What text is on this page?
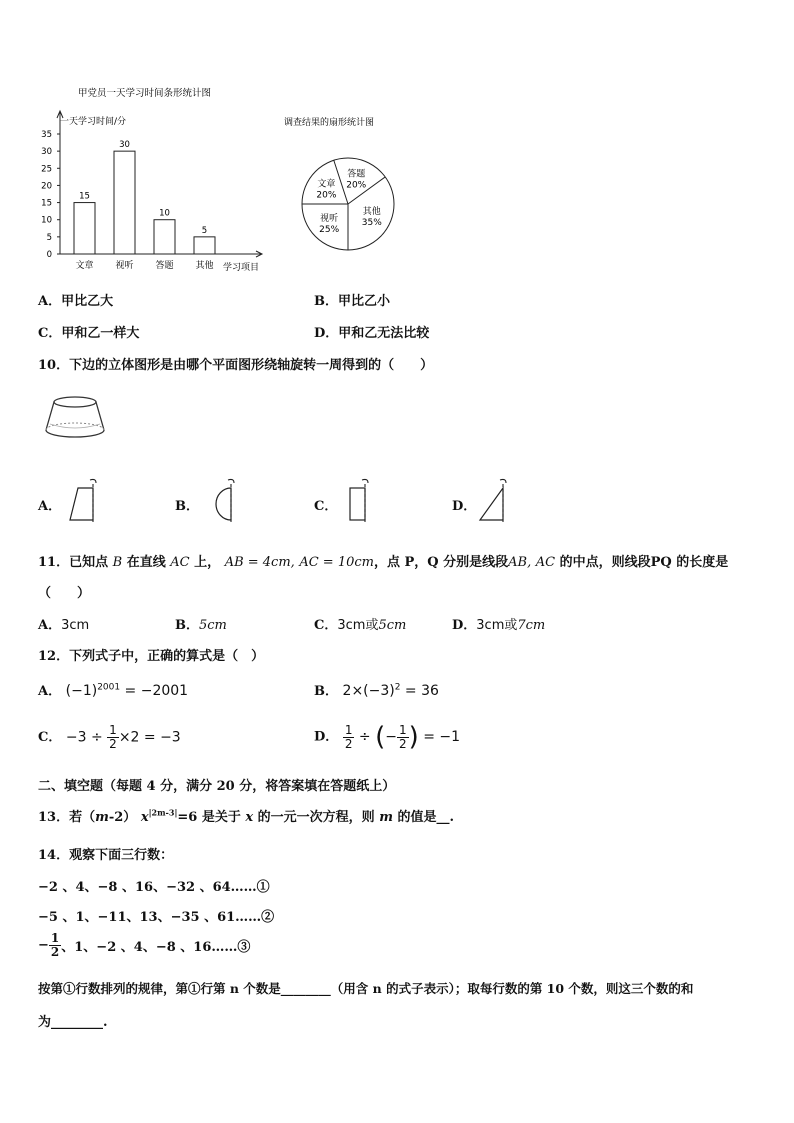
甲党员一天学习时间条形统计图
一天学习时间/分
学习项目
0
5
10
15
20
25
30
35
15
文章
30
视听
10
答题
5
其他
调查结果的扇形统计图
答题
20%
其他
35%
视听
25%
文章
20%
A．甲比乙大	B．甲比乙小
C．甲和乙一样大	D．甲和乙无法比较
10．下边的立体图形是由哪个平面图形绕轴旋转一周得到的（　　）
A．	B．	C．	D．
11．已知点 B 在直线 AC 上， AB = 4cm, AC = 10cm，点 P，Q 分别是线段AB, AC 的中点，则线段PQ 的长度是
（　　）
A．3cm	B．5cm	C．3cm或5cm	D．3cm或7cm
12．下列式子中，正确的算式是（　）
A． $(-1)^{2001} = -2001$	B． $2\times(-3)^2 = 36$
C． $-3 \div \frac{1}{2} \times 2 = -3$	D． $\frac{1}{2}$ ÷ (− $\frac{1}{2}$ ) = −1
二、填空题（每题 4 分，满分 20 分，将答案填在答题纸上）
13．若（m-2） $x^{|2m-3|}=6$ 是关于 x 的一元一次方程，则 m 的值是__.
14．观察下面三行数：
−2 、4、−8 、16、−32 、64……①
−5 、1、−11、13、−35 、61……②
− $\frac{1}{2}$ 、1、−2 、4、−8 、16……③
按第①行数排列的规律，第①行第 n 个数是________（用含 n 的式子表示）；取每行数的第 10 个数，则这三个数的和
为________.
